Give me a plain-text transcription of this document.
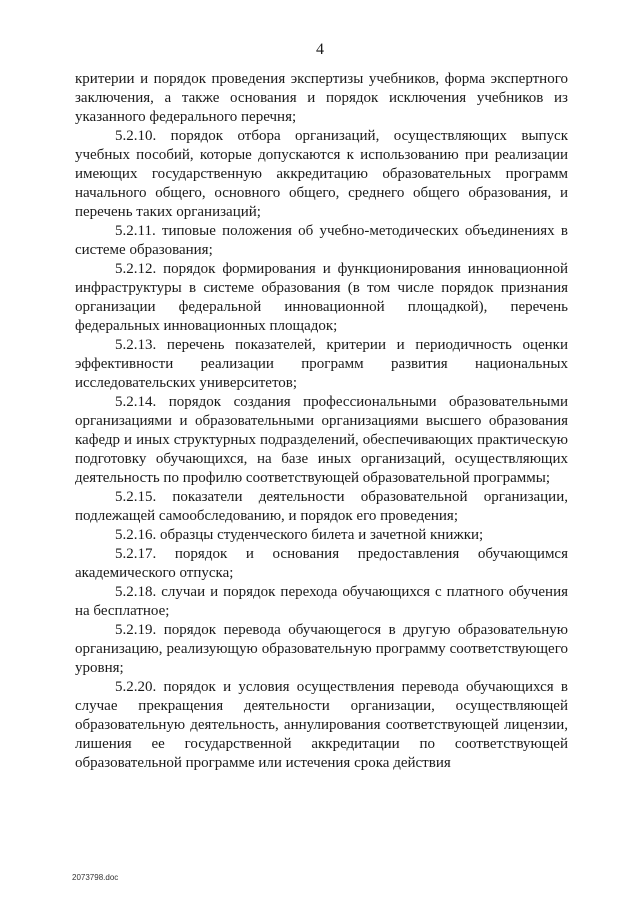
4

критерии и порядок проведения экспертизы учебников, форма экспертного заключения, а также основания и порядок исключения учебников из указанного федерального перечня;

5.2.10. порядок отбора организаций, осуществляющих выпуск учебных пособий, которые допускаются к использованию при реализации имеющих государственную аккредитацию образовательных программ начального общего, основного общего, среднего общего образования, и перечень таких организаций;

5.2.11. типовые положения об учебно-методических объединениях в системе образования;

5.2.12. порядок формирования и функционирования инновационной инфраструктуры в системе образования (в том числе порядок признания организации федеральной инновационной площадкой), перечень федеральных инновационных площадок;

5.2.13. перечень показателей, критерии и периодичность оценки эффективности реализации программ развития национальных исследовательских университетов;

5.2.14. порядок создания профессиональными образовательными организациями и образовательными организациями высшего образования кафедр и иных структурных подразделений, обеспечивающих практическую подготовку обучающихся, на базе иных организаций, осуществляющих деятельность по профилю соответствующей образовательной программы;

5.2.15. показатели деятельности образовательной организации, подлежащей самообследованию, и порядок его проведения;

5.2.16. образцы студенческого билета и зачетной книжки;

5.2.17. порядок и основания предоставления обучающимся академического отпуска;

5.2.18. случаи и порядок перехода обучающихся с платного обучения на бесплатное;

5.2.19. порядок перевода обучающегося в другую образовательную организацию, реализующую образовательную программу соответствующего уровня;

5.2.20. порядок и условия осуществления перевода обучающихся в случае прекращения деятельности организации, осуществляющей образовательную деятельность, аннулирования соответствующей лицензии, лишения ее государственной аккредитации по соответствующей образовательной программе или истечения срока действия

2073798.doc
